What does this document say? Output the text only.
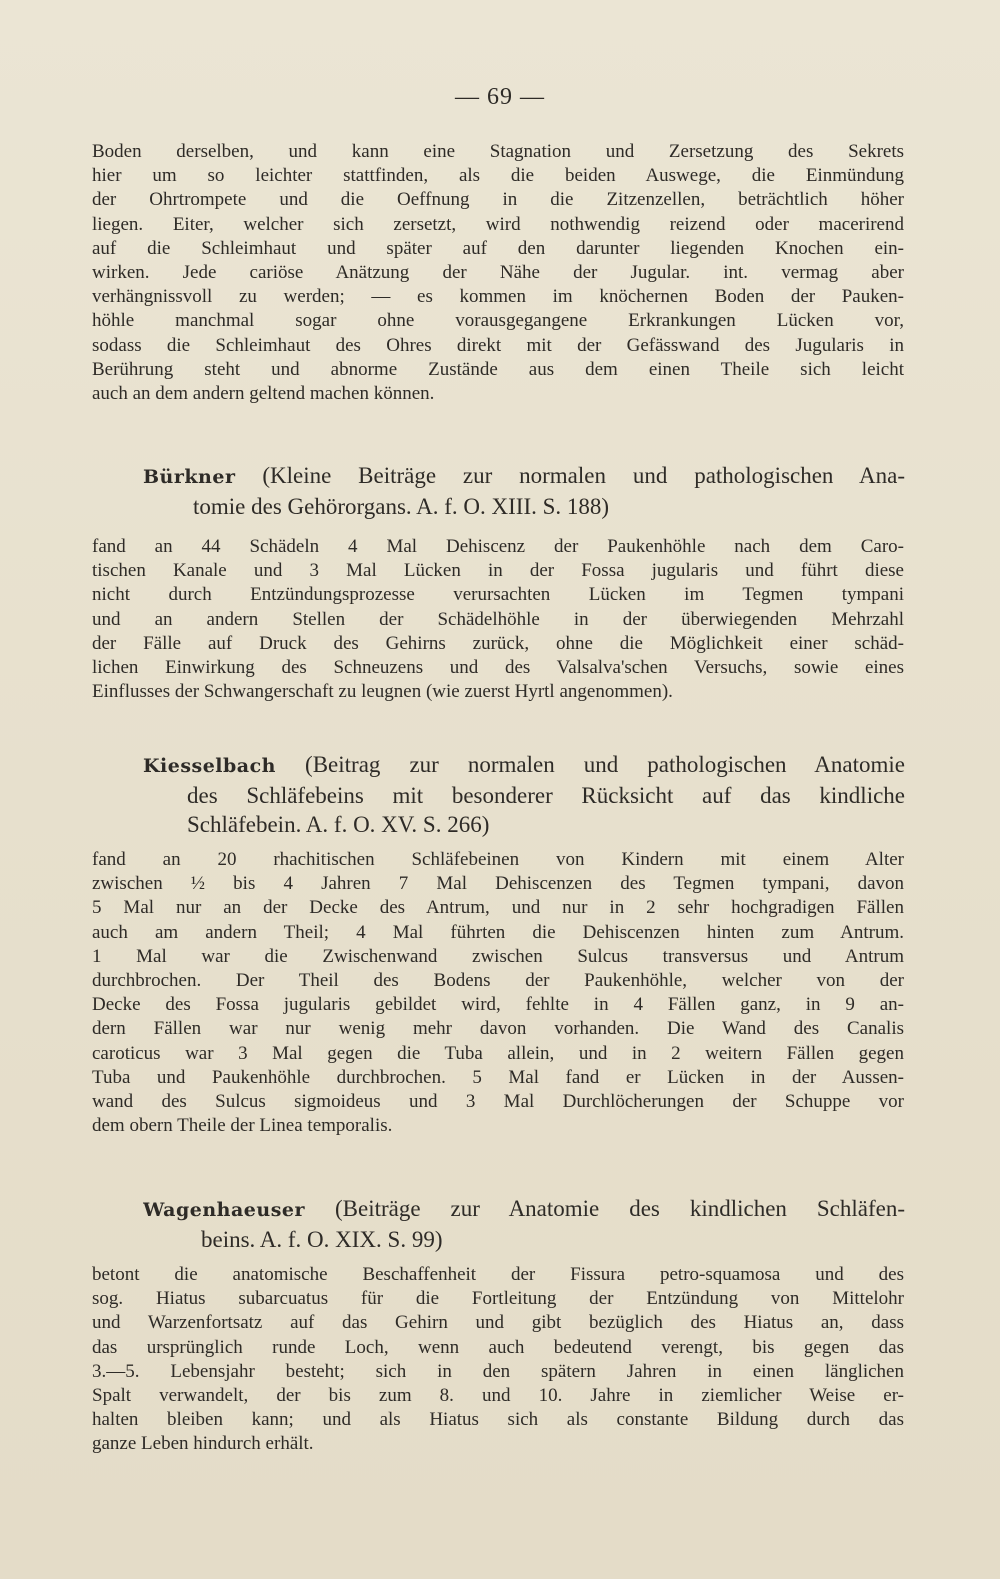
— 69 —
Boden derselben, und kann eine Stagnation und Zersetzung des Sekrets
hier um so leichter stattfinden, als die beiden Auswege, die Einmündung
der Ohrtrompete und die Oeffnung in die Zitzenzellen, beträchtlich höher
liegen. Eiter, welcher sich zersetzt, wird nothwendig reizend oder macerirend
auf die Schleimhaut und später auf den darunter liegenden Knochen ein-
wirken. Jede cariöse Anätzung der Nähe der Jugular. int. vermag aber
verhängnissvoll zu werden; — es kommen im knöchernen Boden der Pauken-
höhle manchmal sogar ohne vorausgegangene Erkrankungen Lücken vor,
sodass die Schleimhaut des Ohres direkt mit der Gefässwand des Jugularis in
Berührung steht und abnorme Zustände aus dem einen Theile sich leicht
auch an dem andern geltend machen können.
Bürkner (Kleine Beiträge zur normalen und pathologischen Ana-
tomie des Gehörorgans. A. f. O. XIII. S. 188)
fand an 44 Schädeln 4 Mal Dehiscenz der Paukenhöhle nach dem Caro-
tischen Kanale und 3 Mal Lücken in der Fossa jugularis und führt diese
nicht durch Entzündungsprozesse verursachten Lücken im Tegmen tympani
und an andern Stellen der Schädelhöhle in der überwiegenden Mehrzahl
der Fälle auf Druck des Gehirns zurück, ohne die Möglichkeit einer schäd-
lichen Einwirkung des Schneuzens und des Valsalva'schen Versuchs, sowie eines
Einflusses der Schwangerschaft zu leugnen (wie zuerst Hyrtl angenommen).
Kiesselbach (Beitrag zur normalen und pathologischen Anatomie
des Schläfebeins mit besonderer Rücksicht auf das kindliche
Schläfebein. A. f. O. XV. S. 266)
fand an 20 rhachitischen Schläfebeinen von Kindern mit einem Alter
zwischen ½ bis 4 Jahren 7 Mal Dehiscenzen des Tegmen tympani, davon
5 Mal nur an der Decke des Antrum, und nur in 2 sehr hochgradigen Fällen
auch am andern Theil; 4 Mal führten die Dehiscenzen hinten zum Antrum.
1 Mal war die Zwischenwand zwischen Sulcus transversus und Antrum
durchbrochen. Der Theil des Bodens der Paukenhöhle, welcher von der
Decke des Fossa jugularis gebildet wird, fehlte in 4 Fällen ganz, in 9 an-
dern Fällen war nur wenig mehr davon vorhanden. Die Wand des Canalis
caroticus war 3 Mal gegen die Tuba allein, und in 2 weitern Fällen gegen
Tuba und Paukenhöhle durchbrochen. 5 Mal fand er Lücken in der Aussen-
wand des Sulcus sigmoideus und 3 Mal Durchlöcherungen der Schuppe vor
dem obern Theile der Linea temporalis.
Wagenhaeuser (Beiträge zur Anatomie des kindlichen Schläfen-
beins. A. f. O. XIX. S. 99)
betont die anatomische Beschaffenheit der Fissura petro-squamosa und des
sog. Hiatus subarcuatus für die Fortleitung der Entzündung von Mittelohr
und Warzenfortsatz auf das Gehirn und gibt bezüglich des Hiatus an, dass
das ursprünglich runde Loch, wenn auch bedeutend verengt, bis gegen das
3.—5. Lebensjahr besteht; sich in den spätern Jahren in einen länglichen
Spalt verwandelt, der bis zum 8. und 10. Jahre in ziemlicher Weise er-
halten bleiben kann; und als Hiatus sich als constante Bildung durch das
ganze Leben hindurch erhält.
